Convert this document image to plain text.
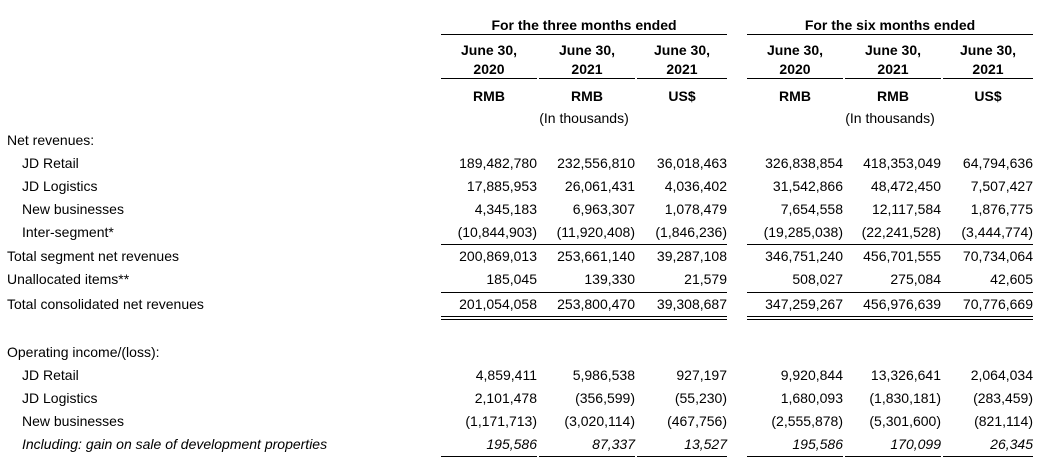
For the three months ended	For the six months ended
June 30,	June 30,	June 30,	June 30,	June 30,	June 30,
2020	2021	2021	2020	2021	2021
RMB	RMB	US$	RMB	RMB	US$
(In thousands)	(In thousands)
Net revenues:
JD Retail	189,482,780	232,556,810	36,018,463	326,838,854	418,353,049	64,794,636
JD Logistics	17,885,953	26,061,431	4,036,402	31,542,866	48,472,450	7,507,427
New businesses	4,345,183	6,963,307	1,078,479	7,654,558	12,117,584	1,876,775
Inter-segment*	(10,844,903)	(11,920,408)	(1,846,236)	(19,285,038)	(22,241,528)	(3,444,774)
Total segment net revenues	200,869,013	253,661,140	39,287,108	346,751,240	456,701,555	70,734,064
Unallocated items**	185,045	139,330	21,579	508,027	275,084	42,605
Total consolidated net revenues	201,054,058	253,800,470	39,308,687	347,259,267	456,976,639	70,776,669
Operating income/(loss):
JD Retail	4,859,411	5,986,538	927,197	9,920,844	13,326,641	2,064,034
JD Logistics	2,101,478	(356,599)	(55,230)	1,680,093	(1,830,181)	(283,459)
New businesses	(1,171,713)	(3,020,114)	(467,756)	(2,555,878)	(5,301,600)	(821,114)
Including: gain on sale of development properties	195,586	87,337	13,527	195,586	170,099	26,345
